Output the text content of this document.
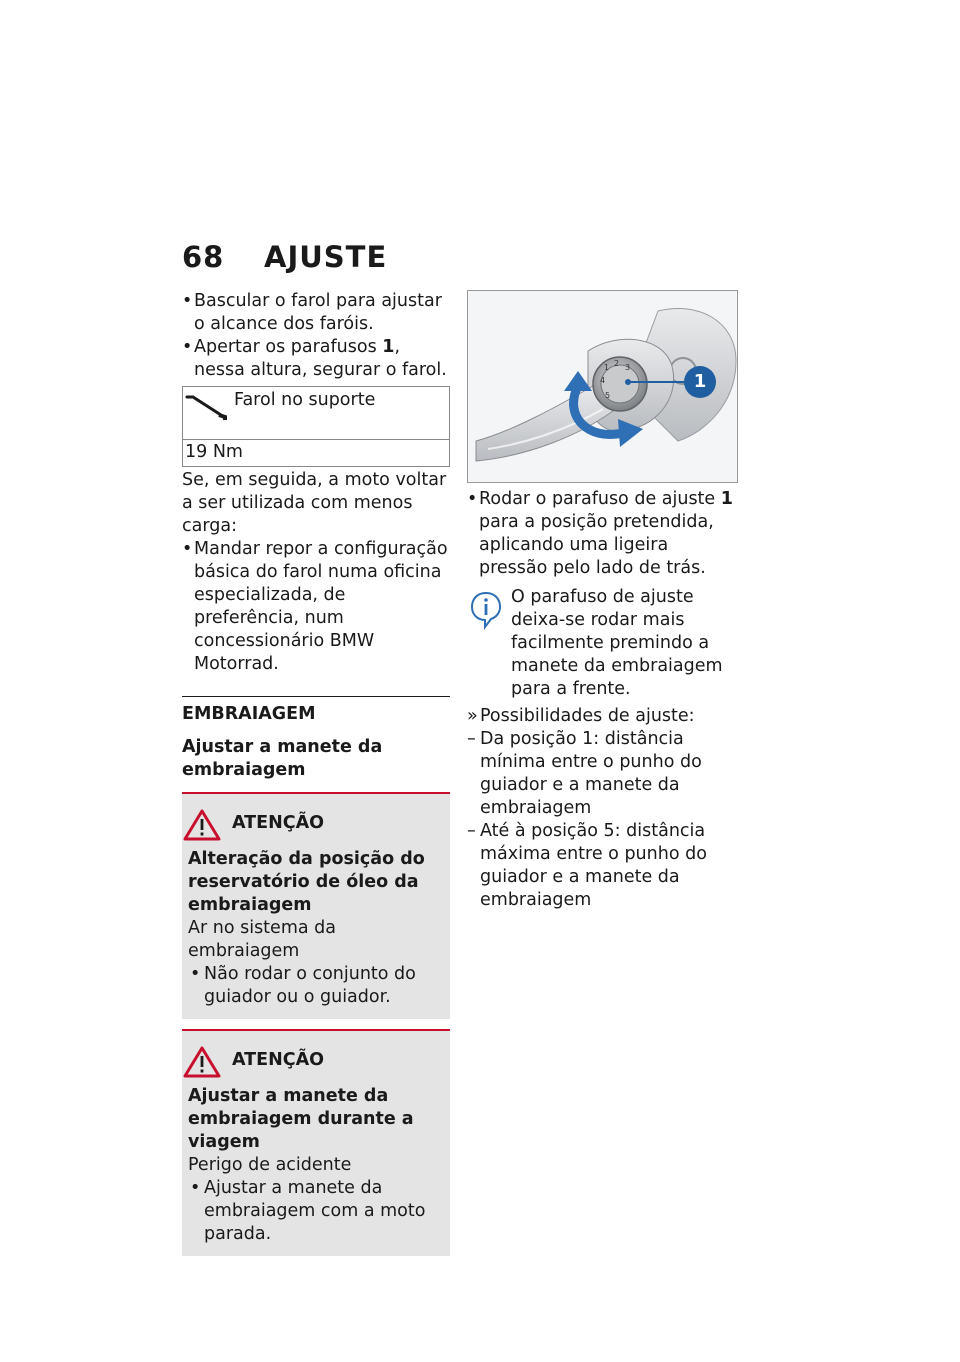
68 AJUSTE
• Bascular o farol para ajustar o alcance dos faróis.
• Apertar os parafusos 1, nessa altura, segurar o farol.
Farol no suporte
19 Nm
Se, em seguida, a moto voltar a ser utilizada com menos carga:
• Mandar repor a configuração básica do farol numa oficina especializada, de preferência, num concessionário BMW Motorrad.
EMBRAIAGEM
Ajustar a manete da embraiagem
ATENÇÃO
Alteração da posição do reservatório de óleo da embraiagem
Ar no sistema da embraiagem
• Não rodar o conjunto do guiador ou o guiador.
ATENÇÃO
Ajustar a manete da embraiagem durante a viagem
Perigo de acidente
• Ajustar a manete da embraiagem com a moto parada.
1
1 2 3
4
5
• Rodar o parafuso de ajuste 1 para a posição pretendida, aplicando uma ligeira pressão pelo lado de trás.
O parafuso de ajuste deixa-se rodar mais facilmente premindo a manete da embraiagem para a frente.
» Possibilidades de ajuste:
– Da posição 1: distância mínima entre o punho do guiador e a manete da embraiagem
– Até à posição 5: distância máxima entre o punho do guiador e a manete da embraiagem
